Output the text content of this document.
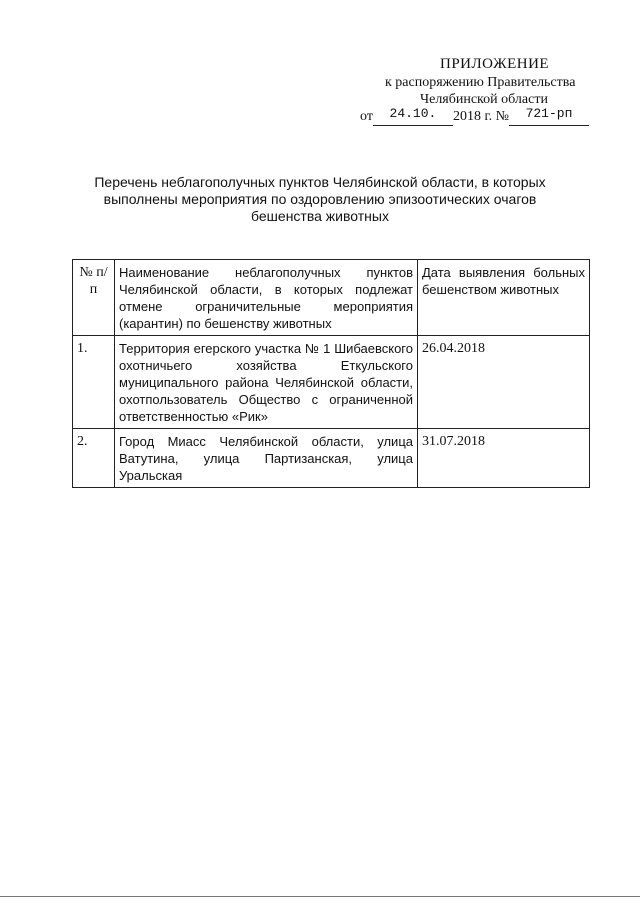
ПРИЛОЖЕНИЕ
к распоряжению Правительства
Челябинской области
от 24.10. 2018 г. № 721-рп
Перечень неблагополучных пунктов Челябинской области, в которых выполнены мероприятия по оздоровлению эпизоотических очагов бешенства животных
№ п/п	Наименование неблагополучных пунктов Челябинской области, в которых подлежат отмене ограничительные мероприятия (карантин) по бешенству животных	Дата выявления больных бешенством животных
1.	Территория егерского участка № 1 Шибаевского охотничьего хозяйства Еткульского муниципального района Челябинской области, охотпользователь Общество с ограниченной ответственностью «Рик»	26.04.2018
2.	Город Миасс Челябинской области, улица Ватутина, улица Партизанская, улица Уральская	31.07.2018
